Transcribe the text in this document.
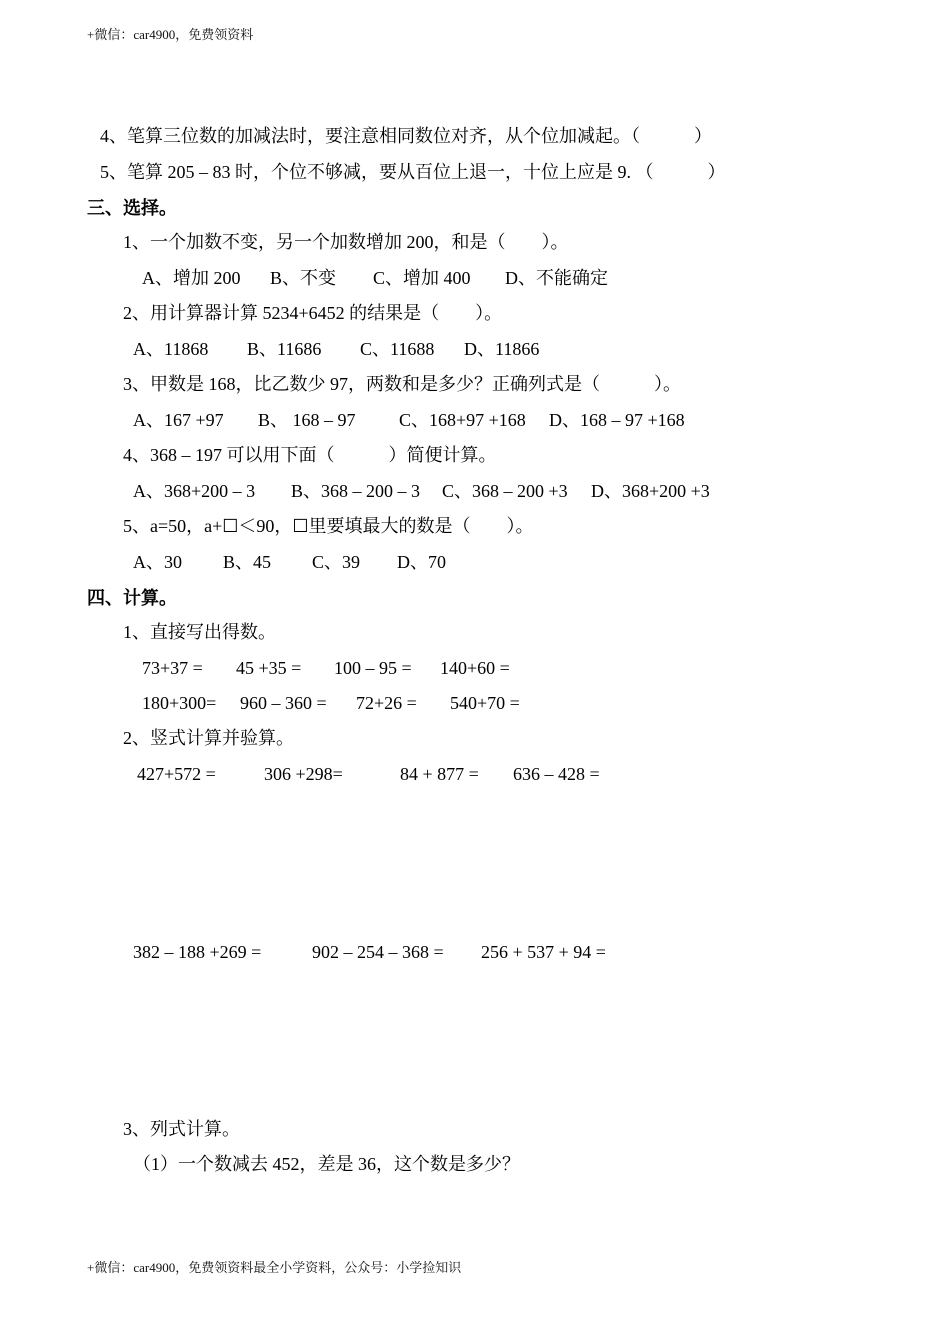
+微信：car4900，免费领资料
4、笔算三位数的加减法时，要注意相同数位对齐，从个位加减起。（　　　）
5、笔算 205 – 83 时，个位不够减，要从百位上退一，十位上应是 9. （　　　）
三、选择。
1、一个加数不变，另一个加数增加 200，和是（　　）。
A、增加 200 B、不变 C、增加 400 D、不能确定
2、用计算器计算 5234+6452 的结果是（　　）。
A、11868 B、11686 C、11688 D、11866
3、甲数是 168，比乙数少 97，两数和是多少？正确列式是（　　　）。
A、167 +97 B、 168 – 97 C、168+97 +168 D、168 – 97 +168
4、368 – 197 可以用下面（　　　）简便计算。
A、368+200 – 3 B、368 – 200 – 3 C、368 – 200 +3 D、368+200 +3
5、a=50，a+☐＜90，☐里要填最大的数是（　　）。
A、30 B、45 C、39 D、70
四、计算。
1、直接写出得数。
73+37 = 45 +35 = 100 – 95 = 140+60 =
180+300= 960 – 360 = 72+26 = 540+70 =
2、竖式计算并验算。
427+572 =	306 +298=	84 + 877 = 636 – 428 =
382 – 188 +269 =	902 – 254 – 368 = 256 + 537 + 94 =
3、列式计算。
（1）一个数减去 452，差是 36，这个数是多少？
+微信：car4900，免费领资料最全小学资料，公众号：小学捡知识
